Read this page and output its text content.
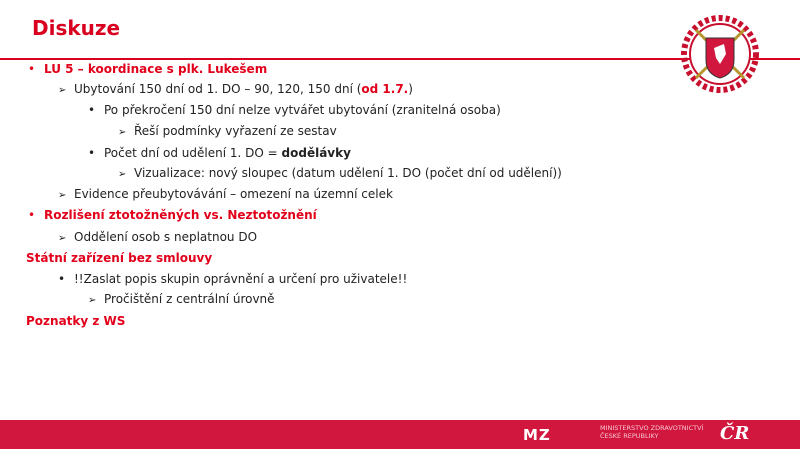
Diskuze
• LU 5 – koordinace s plk. Lukešem
➢ Ubytování 150 dní od 1. DO – 90, 120, 150 dní (od 1.7.)
• Po překročení 150 dní nelze vytvářet ubytování (zranitelná osoba)
➢ Řeší podmínky vyřazení ze sestav
• Počet dní od udělení 1. DO = dodělávky
➢ Vizualizace: nový sloupec (datum udělení 1. DO (počet dní od udělení))
➢ Evidence přeubytovávání – omezení na územní celek
• Rozlišení ztotožněných vs. Neztotožnění
➢ Oddělení osob s neplatnou DO
Státní zařízení bez smlouvy
• !!Zaslat popis skupin oprávnění a určení pro uživatele!!
➢ Pročištění z centrální úrovně
Poznatky z WS
MZ	MINISTERSTVO ZDRAVOTNICTVÍ
ČESKÉ REPUBLIKY	ČR
